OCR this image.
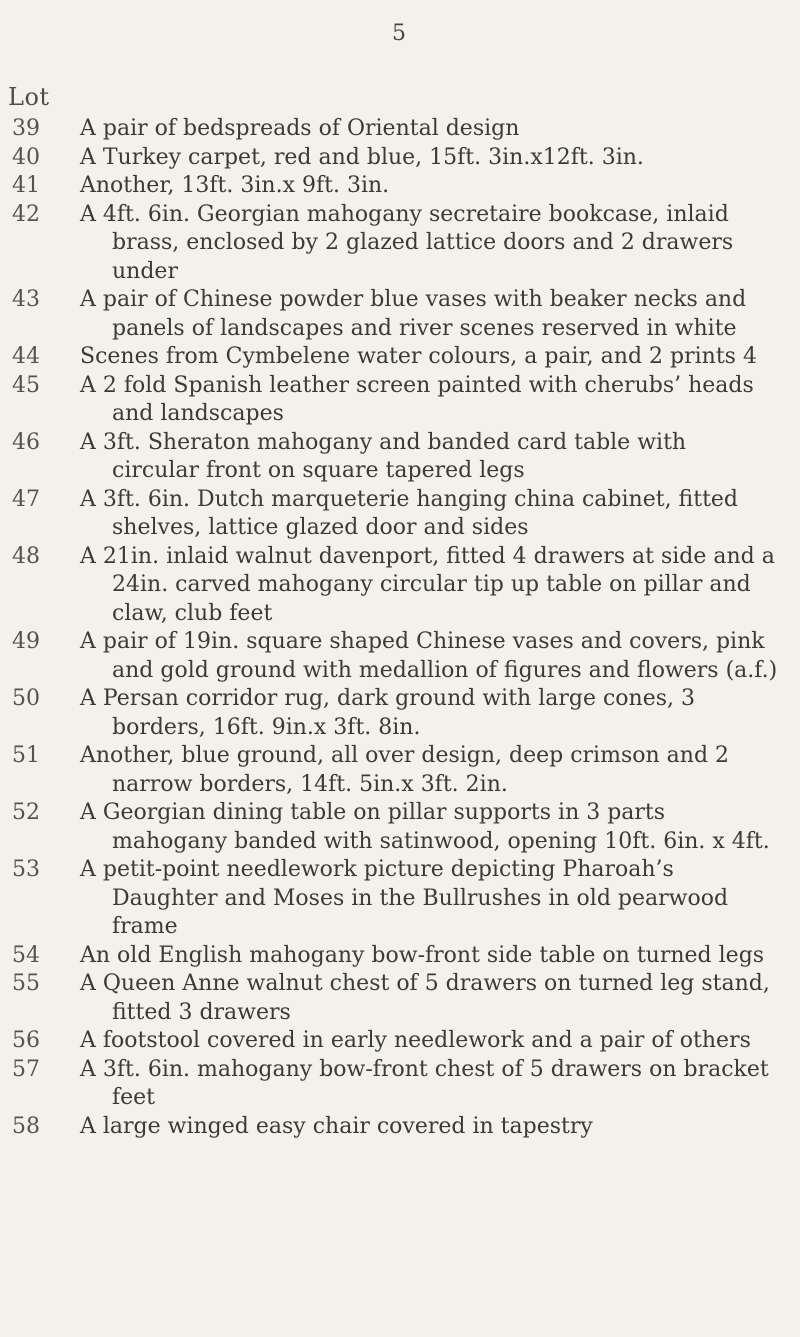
5
Lot
39	A pair of bedspreads of Oriental design
40	A Turkey carpet, red and blue, 15ft. 3in.x12ft. 3in.
41	Another, 13ft. 3in.x 9ft. 3in.
42	A 4ft. 6in. Georgian mahogany secretaire bookcase, inlaid brass, enclosed by 2 glazed lattice doors and 2 drawers under
43	A pair of Chinese powder blue vases with beaker necks and panels of landscapes and river scenes reserved in white
44	Scenes from Cymbelene water colours, a pair, and 2 prints 4
45	A 2 fold Spanish leather screen painted with cherubs’ heads and landscapes
46	A 3ft. Sheraton mahogany and banded card table with circular front on square tapered legs
47	A 3ft. 6in. Dutch marqueterie hanging china cabinet, fitted shelves, lattice glazed door and sides
48	A 21in. inlaid walnut davenport, fitted 4 drawers at side and a 24in. carved mahogany circular tip up table on pillar and claw, club feet
49	A pair of 19in. square shaped Chinese vases and covers, pink and gold ground with medallion of figures and flowers (a.f.)
50	A Persan corridor rug, dark ground with large cones, 3 borders, 16ft. 9in.x 3ft. 8in.
51	Another, blue ground, all over design, deep crimson and 2 narrow borders, 14ft. 5in.x 3ft. 2in.
52	A Georgian dining table on pillar supports in 3 parts mahogany banded with satinwood, opening 10ft. 6in. x 4ft.
53	A petit-point needlework picture depicting Pharoah’s Daughter and Moses in the Bullrushes in old pearwood frame
54	An old English mahogany bow-front side table on turned legs
55	A Queen Anne walnut chest of 5 drawers on turned leg stand, fitted 3 drawers
56	A footstool covered in early needlework and a pair of others
57	A 3ft. 6in. mahogany bow-front chest of 5 drawers on bracket feet
58	A large winged easy chair covered in tapestry
